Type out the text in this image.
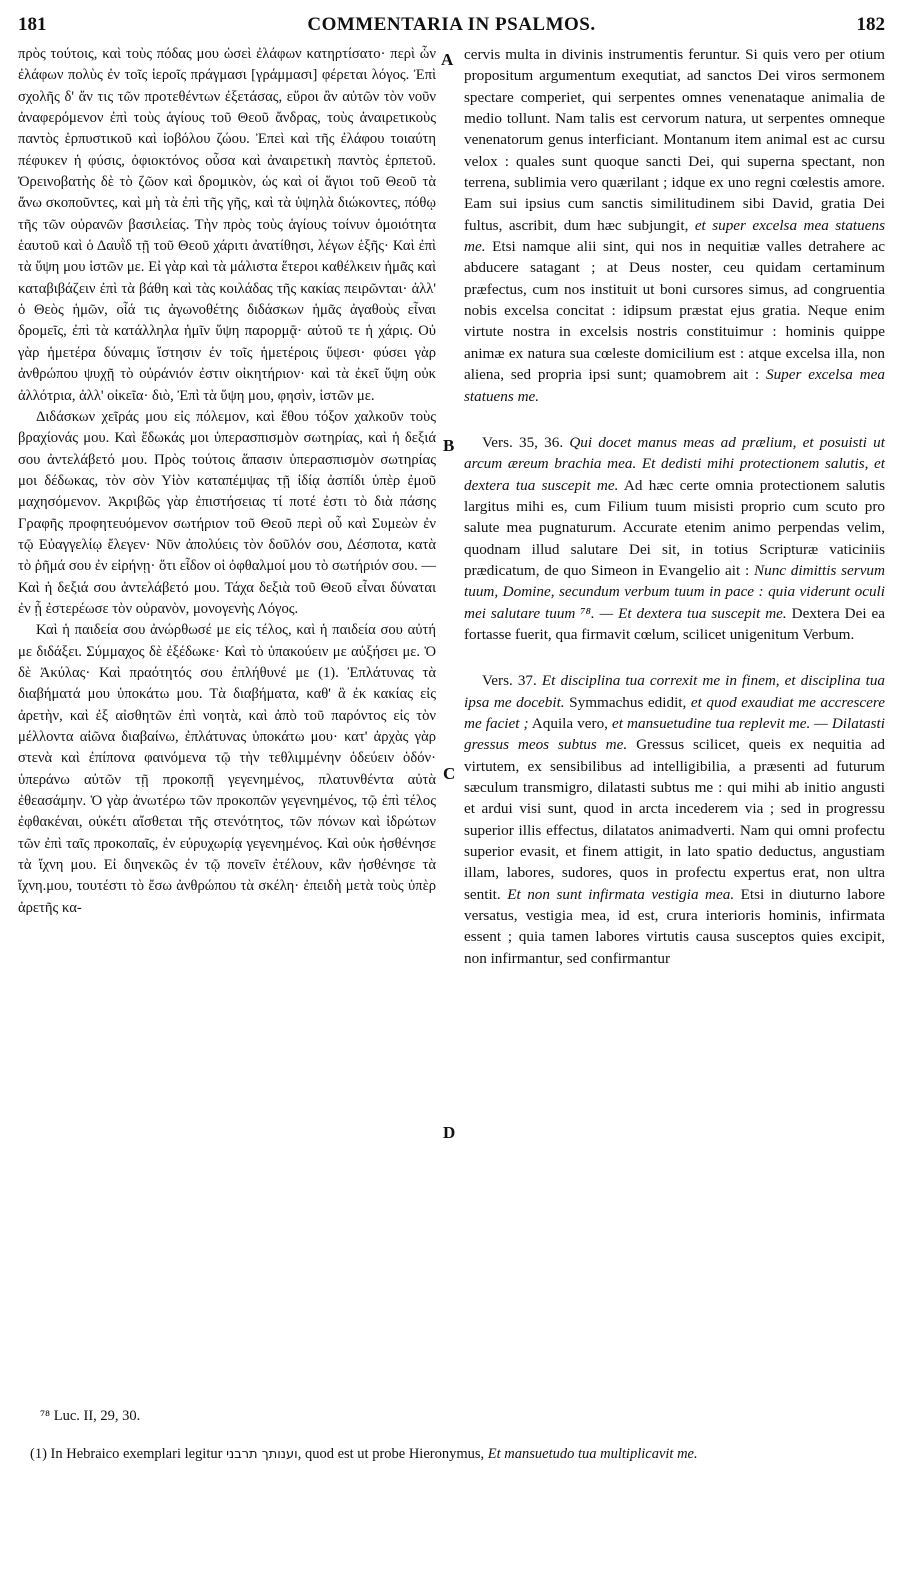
181	COMMENTARIA IN PSALMOS.	182

πρὸς τούτοις, καὶ τοὺς πόδας μου ὡσεὶ ἐλάφων κατηρτίσατο· περὶ ὧν ἐλάφων πολὺς ἐν τοῖς ἱεροῖς πράγμασι [γράμμασι] φέρεται λόγος. Ἐπὶ σχολῆς δ' ἄν τις τῶν προτεθέντων ἐξετάσας, εὕροι ἂν αὐτῶν τὸν νοῦν ἀναφερόμενον ἐπὶ τοὺς ἁγίους τοῦ Θεοῦ ἄνδρας, τοὺς ἀναιρετικοὺς παντὸς ἑρπυστικοῦ καὶ ἰοβόλου ζώου. Ἐπεὶ καὶ τῆς ἐλάφου τοιαύτη πέφυκεν ἡ φύσις, ὀφιοκτόνος οὖσα καὶ ἀναιρετικὴ παντὸς ἑρπετοῦ. Ὀρεινοβατὴς δὲ τὸ ζῶον καὶ δρομικὸν, ὡς καὶ οἱ ἅγιοι τοῦ Θεοῦ τὰ ἄνω σκοποῦντες, καὶ μὴ τὰ ἐπὶ τῆς γῆς, καὶ τὰ ὑψηλὰ διώκοντες, πόθῳ τῆς τῶν οὐρανῶν βασιλείας. Τὴν πρὸς τοὺς ἁγίους τοίνυν ὁμοιότητα ἑαυτοῦ καὶ ὁ Δαυῒδ τῇ τοῦ Θεοῦ χάριτι ἀνατίθησι, λέγων ἑξῆς· Καὶ ἐπὶ τὰ ὕψη μου ἱστῶν με. Εἰ γὰρ καὶ τὰ μάλιστα ἕτεροι καθέλκειν ἡμᾶς καὶ καταβιβάζειν ἐπὶ τὰ βάθη καὶ τὰς κοιλάδας τῆς κακίας πειρῶνται· ἀλλ' ὁ Θεὸς ἡμῶν, οἷά τις ἀγωνοθέτης διδάσκων ἡμᾶς ἀγαθοὺς εἶναι δρομεῖς, ἐπὶ τὰ κατάλληλα ἡμῖν ὕψη παρορμᾷ· αὐτοῦ τε ἡ χάρις. Οὐ γὰρ ἡμετέρα δύναμις ἵστησιν ἐν τοῖς ἡμετέροις ὕψεσι· φύσει γὰρ ἀνθρώπου ψυχῇ τὸ οὐράνιόν ἐστιν οἰκητήριον· καὶ τὰ ἐκεῖ ὕψη οὐκ ἀλλότρια, ἀλλ' οἰκεῖα· διὸ, Ἐπὶ τὰ ὕψη μου, φησὶν, ἱστῶν με.

Διδάσκων χεῖράς μου εἰς πόλεμον, καὶ ἔθου τόξον χαλκοῦν τοὺς βραχίονάς μου. Καὶ ἔδωκάς μοι ὑπερασπισμὸν σωτηρίας, καὶ ἡ δεξιά σου ἀντελάβετό μου. Πρὸς τούτοις ἅπασιν ὑπερασπισμὸν σωτηρίας μοι δέδωκας, τὸν σὸν Υἱὸν καταπέμψας τῇ ἰδίᾳ ἀσπίδι ὑπὲρ ἐμοῦ μαχησόμενον. Ἀκριβῶς γὰρ ἐπιστήσειας τί ποτέ ἐστι τὸ διὰ πάσης Γραφῆς προφητευόμενον σωτήριον τοῦ Θεοῦ περὶ οὗ καὶ Συμεὼν ἐν τῷ Εὐαγγελίῳ ἔλεγεν· Νῦν ἀπολύεις τὸν δοῦλόν σου, Δέσποτα, κατὰ τὸ ῥῆμά σου ἐν εἰρήνῃ· ὅτι εἶδον οἱ ὀφθαλμοί μου τὸ σωτήριόν σου. — Καὶ ἡ δεξιά σου ἀντελάβετό μου. Τάχα δεξιὰ τοῦ Θεοῦ εἶναι δύναται ἐν ᾗ ἐστερέωσε τὸν οὐρανὸν, μονογενὴς Λόγος.

Καὶ ἡ παιδεία σου ἀνώρθωσέ με εἰς τέλος, καὶ ἡ παιδεία σου αὐτή με διδάξει. Σύμμαχος δὲ ἐξέδωκε· Καὶ τὸ ὑπακούειν με αὐξήσει με. Ὁ δὲ Ἀκύλας· Καὶ πραότητός σου ἐπλήθυνέ με (1). Ἐπλάτυνας τὰ διαβήματά μου ὑποκάτω μου. Τὰ διαβήματα, καθ' ἃ ἐκ κακίας εἰς ἀρετὴν, καὶ ἐξ αἰσθητῶν ἐπὶ νοητὰ, καὶ ἀπὸ τοῦ παρόντος εἰς τὸν μέλλοντα αἰῶνα διαβαίνω, ἐπλάτυνας ὑποκάτω μου· κατ' ἀρχὰς γὰρ στενὰ καὶ ἐπίπονα φαινόμενα τῷ τὴν τεθλιμμένην ὁδεύειν ὁδόν· ὑπεράνω αὐτῶν τῇ προκοπῇ γεγενημένος, πλατυνθέντα αὐτὰ ἐθεασάμην. Ὁ γὰρ ἀνωτέρω τῶν προκοπῶν γεγενημένος, τῷ ἐπὶ τέλος ἐφθακέναι, οὐκέτι αἴσθεται τῆς στενότητος, τῶν πόνων καὶ ἱδρώτων τῶν ἐπὶ ταῖς προκοπαῖς, ἐν εὐρυχωρίᾳ γεγενημένος. Καὶ οὐκ ἠσθένησε τὰ ἴχνη μου. Εἰ διηνεκῶς ἐν τῷ πονεῖν ἐτέλουν, κἂν ἠσθένησε τὰ ἴχνη.μου, τουτέστι τὸ ἔσω ἀνθρώπου τὰ σκέλη· ἐπειδὴ μετὰ τοὺς ὑπὲρ ἀρετῆς κα-

A
B
C
D

cervis multa in divinis instrumentis feruntur. Si quis vero per otium propositum argumentum exequtiat, ad sanctos Dei viros sermonem spectare comperiet, qui serpentes omnes venenataque animalia de medio tollunt. Nam talis est cervorum natura, ut serpentes omneque venenatorum genus interficiant. Montanum item animal est ac cursu velox : quales sunt quoque sancti Dei, qui superna spectant, non terrena, sublimia vero quærilant ; idque ex uno regni cœlestis amore. Eam sui ipsius cum sanctis similitudinem sibi David, gratia Dei fultus, ascribit, dum hæc subjungit, et super excelsa mea statuens me. Etsi namque alii sint, qui nos in nequitiæ valles detrahere ac abducere satagant ; at Deus noster, ceu quidam certaminum præfectus, cum nos instituit ut boni cursores simus, ad congruentia nobis excelsa concitat : idipsum præstat ejus gratia. Neque enim virtute nostra in excelsis nostris constituimur : hominis quippe animæ ex natura sua cœleste domicilium est : atque excelsa illa, non aliena, sed propria ipsi sunt; quamobrem ait : Super excelsa mea statuens me.

Vers. 35, 36. Qui docet manus meas ad prælium, et posuisti ut arcum æreum brachia mea. Et dedisti mihi protectionem salutis, et dextera tua suscepit me. Ad hæc certe omnia protectionem salutis largitus mihi es, cum Filium tuum misisti proprio cum scuto pro salute mea pugnaturum. Accurate etenim animo perpendas velim, quodnam illud salutare Dei sit, in totius Scripturæ vaticiniis prædicatum, de quo Simeon in Evangelio ait : Nunc dimittis servum tuum, Domine, secundum verbum tuum in pace : quia viderunt oculi mei salutare tuum ⁷⁸. — Et dextera tua suscepit me. Dextera Dei ea fortasse fuerit, qua firmavit cœlum, scilicet unigenitum Verbum.

Vers. 37. Et disciplina tua correxit me in finem, et disciplina tua ipsa me docebit. Symmachus edidit, et quod exaudiat me accrescere me faciet ; Aquila vero, et mansuetudine tua replevit me. — Dilatasti gressus meos subtus me. Gressus scilicet, queis ex nequitia ad virtutem, ex sensibilibus ad intelligibilia, a præsenti ad futurum sæculum transmigro, dilatasti subtus me : qui mihi ab initio angusti et ardui visi sunt, quod in arcta incederem via ; sed in progressu superior illis effectus, dilatatos animadverti. Nam qui omni profectu superior evasit, et finem attigit, in lato spatio deductus, angustiam illam, labores, sudores, quos in profectu expertus erat, non ultra sentit. Et non sunt infirmata vestigia mea. Etsi in diuturno labore versatus, vestigia mea, id est, crura interioris hominis, infirmata essent ; quia tamen labores virtutis causa susceptos quies excipit, non infirmantur, sed confirmantur

⁷⁸ Luc. II, 29, 30.
(1) In Hebraico exemplari legitur וענותך תרבני, quod est ut probe Hieronymus, Et mansuetudo tua multiplicavit me.
